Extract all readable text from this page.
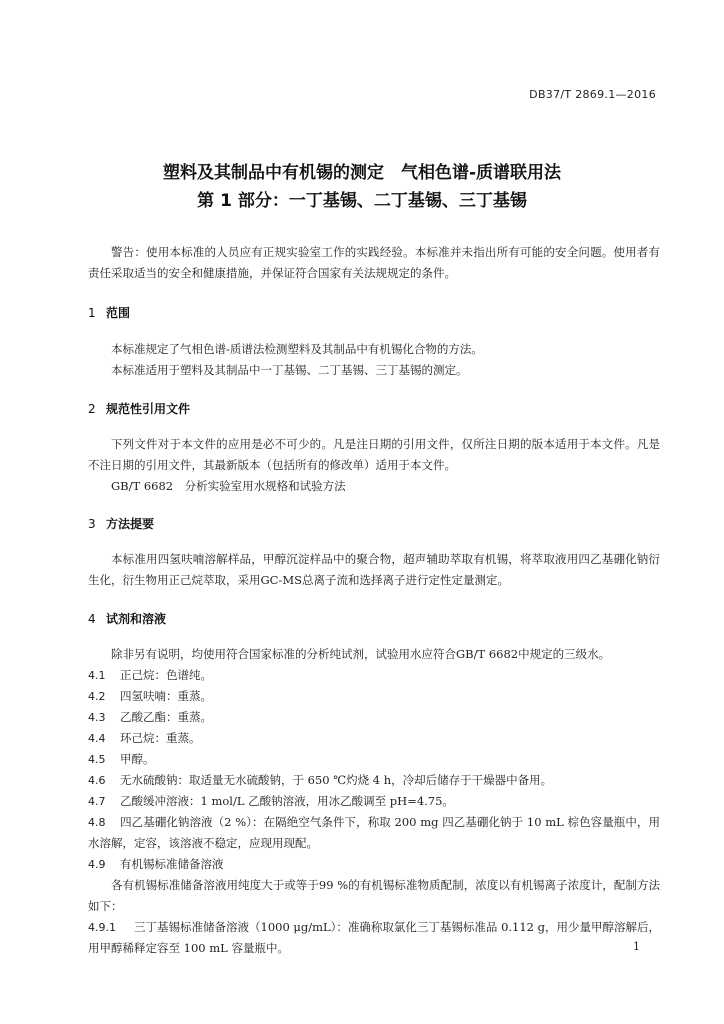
DB37/T 2869.1—2016
塑料及其制品中有机锡的测定　气相色谱-质谱联用法
第 1 部分：一丁基锡、二丁基锡、三丁基锡
警告：使用本标准的人员应有正规实验室工作的实践经验。本标准并未指出所有可能的安全问题。使用者有责任采取适当的安全和健康措施，并保证符合国家有关法规规定的条件。
1 范围
本标准规定了气相色谱-质谱法检测塑料及其制品中有机锡化合物的方法。
本标准适用于塑料及其制品中一丁基锡、二丁基锡、三丁基锡的测定。
2 规范性引用文件
下列文件对于本文件的应用是必不可少的。凡是注日期的引用文件，仅所注日期的版本适用于本文件。凡是不注日期的引用文件，其最新版本（包括所有的修改单）适用于本文件。
GB/T 6682　分析实验室用水规格和试验方法
3 方法提要
本标准用四氢呋喃溶解样品，甲醇沉淀样品中的聚合物，超声辅助萃取有机锡，将萃取液用四乙基硼化钠衍生化，衍生物用正己烷萃取，采用GC-MS总离子流和选择离子进行定性定量测定。
4 试剂和溶液
除非另有说明，均使用符合国家标准的分析纯试剂，试验用水应符合GB/T 6682中规定的三级水。
4.1 正己烷：色谱纯。
4.2 四氢呋喃：重蒸。
4.3 乙酸乙酯：重蒸。
4.4 环己烷：重蒸。
4.5 甲醇。
4.6 无水硫酸钠：取适量无水硫酸钠，于 650 ℃灼烧 4 h，冷却后储存于干燥器中备用。
4.7 乙酸缓冲溶液：1 mol/L 乙酸钠溶液，用冰乙酸调至 pH=4.75。
4.8 四乙基硼化钠溶液（2 %）：在隔绝空气条件下，称取 200 mg 四乙基硼化钠于 10 mL 棕色容量瓶中，用水溶解，定容，该溶液不稳定，应现用现配。
4.9 有机锡标准储备溶液
各有机锡标准储备溶液用纯度大于或等于99 %的有机锡标准物质配制，浓度以有机锡离子浓度计，配制方法如下：
4.9.1 三丁基锡标准储备溶液（1000 μg/mL）：准确称取氯化三丁基锡标准品 0.112 g，用少量甲醇溶解后，用甲醇稀释定容至 100 mL 容量瓶中。	1
